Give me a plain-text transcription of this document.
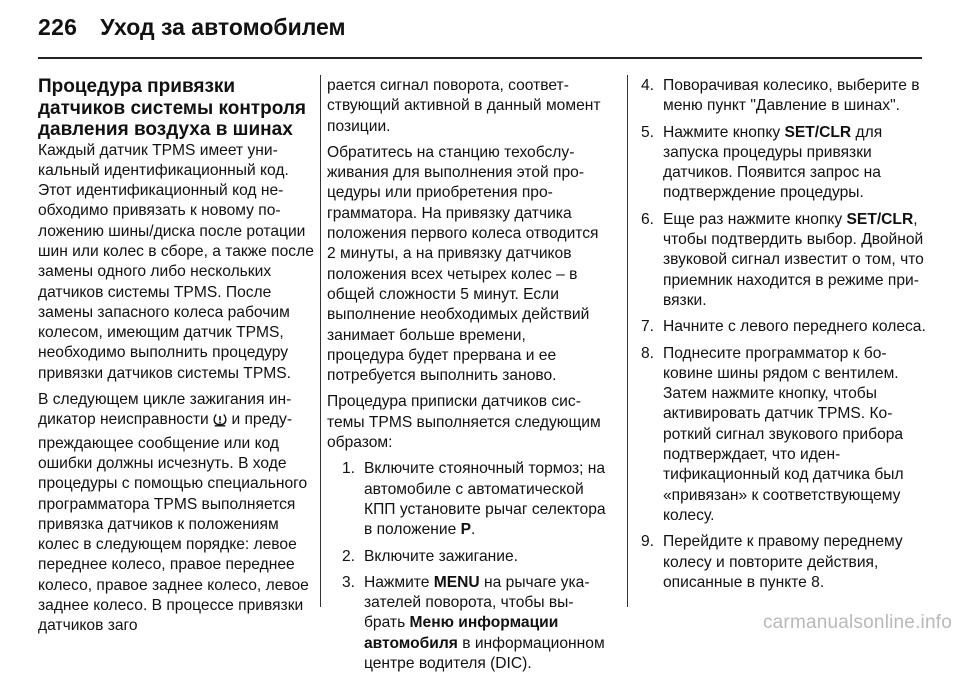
226 Уход за автомобилем

Процедура привязки датчиков системы контроля давления воздуха в шинах

Каждый датчик TPMS имеет уникальный идентификационный код. Этот идентификационный код необходимо привязать к новому положению шины/диска после ротации шин или колес в сборе, а также после замены одного либо нескольких датчиков системы TPMS. После замены запасного колеса рабочим колесом, имеющим датчик TPMS, необходимо выполнить процедуру привязки датчиков системы TPMS.

В следующем цикле зажигания индикатор неисправности и предупреждающее сообщение или код ошибки должны исчезнуть. В ходе процедуры с помощью специального программатора TPMS выполняется привязка датчиков к положениям колес в следующем порядке: левое переднее колесо, правое переднее колесо, правое заднее колесо, левое заднее колесо. В процессе привязки датчиков заго

рается сигнал поворота, соответствующий активной в данный момент позиции.

Обратитесь на станцию техобслуживания для выполнения этой процедуры или приобретения программатора. На привязку датчика положения первого колеса отводится 2 минуты, а на привязку датчиков положения всех четырех колес – в общей сложности 5 минут. Если выполнение необходимых действий занимает больше времени, процедура будет прервана и ее потребуется выполнить заново.

Процедура приписки датчиков системы TPMS выполняется следующим образом:

1. Включите стояночный тормоз; на автомобиле с автоматической КПП установите рычаг селектора в положение P.
2. Включите зажигание.
3. Нажмите MENU на рычаге указателей поворота, чтобы выбрать Меню информации автомобиля в информационном центре водителя (DIC).
4. Поворачивая колесико, выберите в меню пункт "Давление в шинах".
5. Нажмите кнопку SET/CLR для запуска процедуры привязки датчиков. Появится запрос на подтверждение процедуры.
6. Еще раз нажмите кнопку SET/CLR, чтобы подтвердить выбор. Двойной звуковой сигнал известит о том, что приемник находится в режиме привязки.
7. Начните с левого переднего колеса.
8. Поднесите программатор к боковине шины рядом с вентилем. Затем нажмите кнопку, чтобы активировать датчик TPMS. Короткий сигнал звукового прибора подтверждает, что идентификационный код датчика был «привязан» к соответствующему колесу.
9. Перейдите к правому переднему колесу и повторите действия, описанные в пункте 8.
carmanualsonline.info
